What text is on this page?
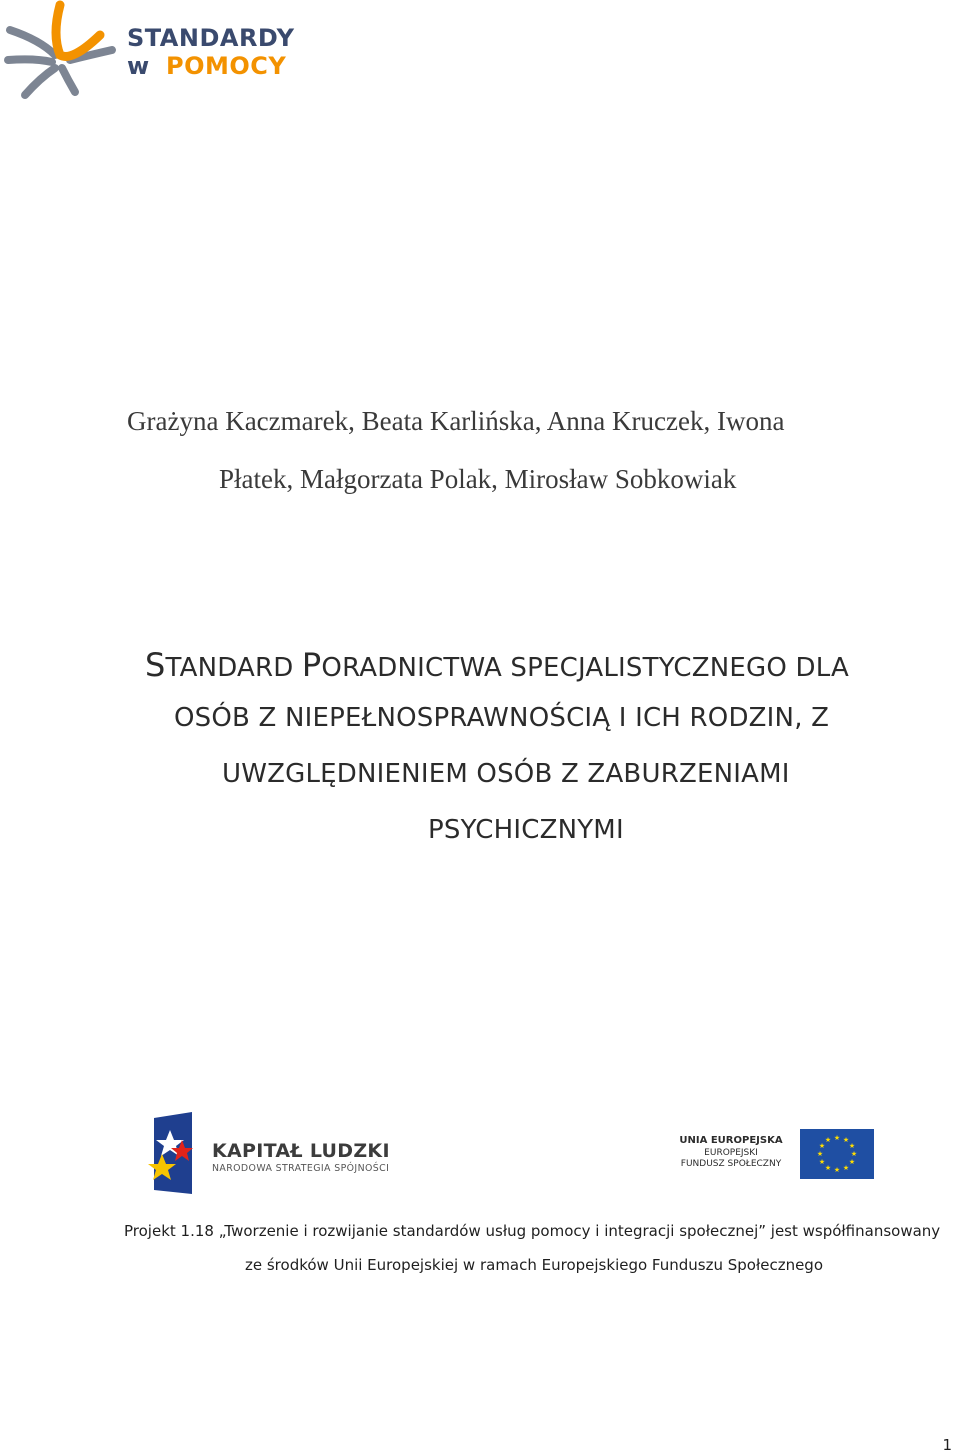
STANDARDY
w POMOCY
Grażyna Kaczmarek, Beata Karlińska, Anna Kruczek, Iwona
Płatek, Małgorzata Polak, Mirosław Sobkowiak
STANDARD PORADNICTWA SPECJALISTYCZNEGO DLA
OSÓB Z NIEPEŁNOSPRAWNOŚCIĄ I ICH RODZIN, Z
UWZGLĘDNIENIEM OSÓB Z ZABURZENIAMI
PSYCHICZNYMI
KAPITAŁ LUDZKI
NARODOWA STRATEGIA SPÓJNOŚCI
UNIA EUROPEJSKA
EUROPEJSKI
FUNDUSZ SPOŁECZNY
★ ★
★
★
★
★
★
★
★
★
★
★
Projekt 1.18 „Tworzenie i rozwijanie standardów usług pomocy i integracji społecznej” jest współfinansowany
ze środków Unii Europejskiej w ramach Europejskiego Funduszu Społecznego
1
